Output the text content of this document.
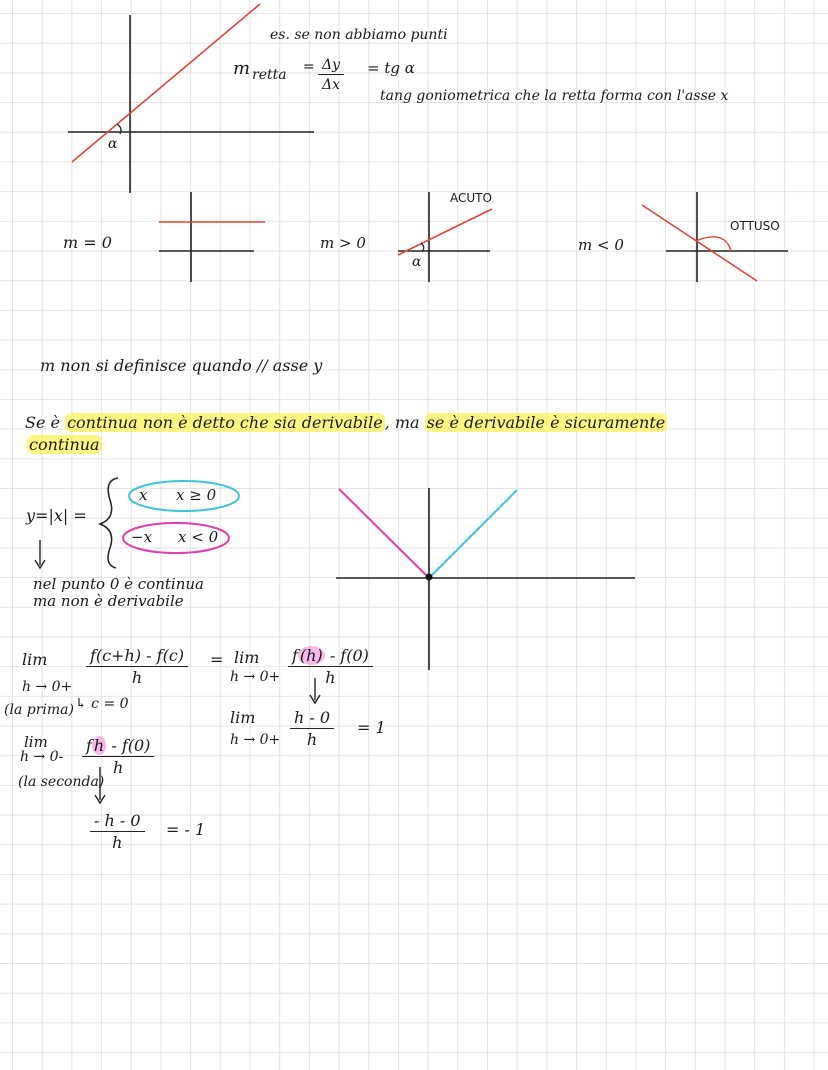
es. se non abbiamo punti
m retta = $\frac{\Delta y}{\Delta x}$ = tg α
tang goniometrica che la retta forma con l'asse x
α
m = 0	m > 0
α
ACUTO
m < 0
OTTUSO
m non si definisce quando // asse y
Se è continua non è detto che sia derivabile , ma se è derivabile è sicuramente
continua
y=|x| =
x x ≥ 0
−x x < 0
nel punto 0 è continua
ma non è derivabile
lim
h → 0+
$\frac{f(c+h) - f(c)}{h} = \lim$
$h \to 0+ \frac{f (h) - f(0)}{h}$
(la prima) ↳ c = 0
lim
$h \to 0+ \frac{h - 0}{h} = 1$
lim
$h \to 0- \frac{\text{f h - f(0)}}{h}$
(la seconda)
$\frac{- h - 0}{h}$ = - 1
